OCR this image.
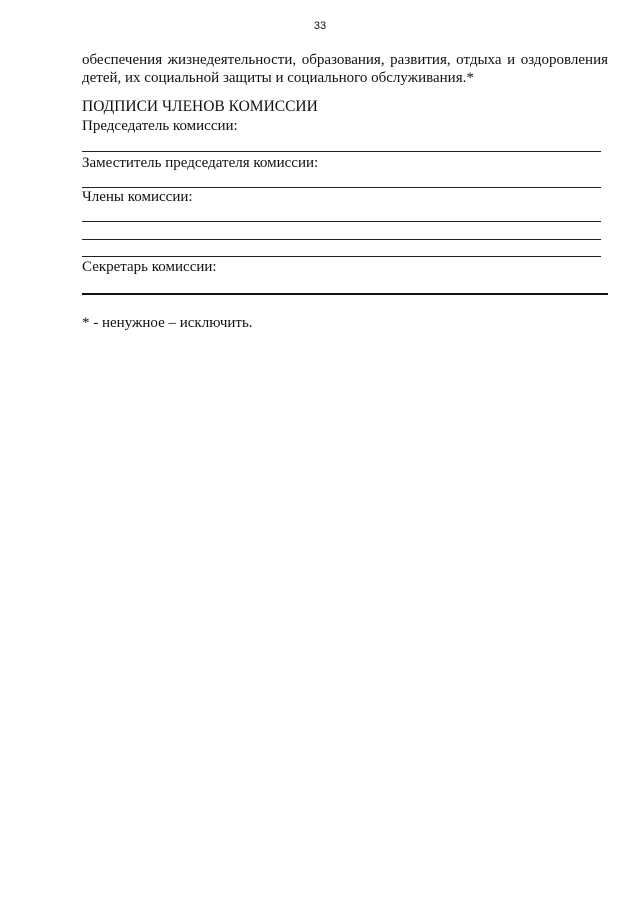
33
обеспечения жизнедеятельности, образования, развития, отдыха и оздоровления
детей, их социальной защиты и социального обслуживания.*
ПОДПИСИ ЧЛЕНОВ КОМИССИИ
Председатель комиссии:
Заместитель председателя комиссии:
Члены комиссии:
Секретарь комиссии:
* - ненужное – исключить.
